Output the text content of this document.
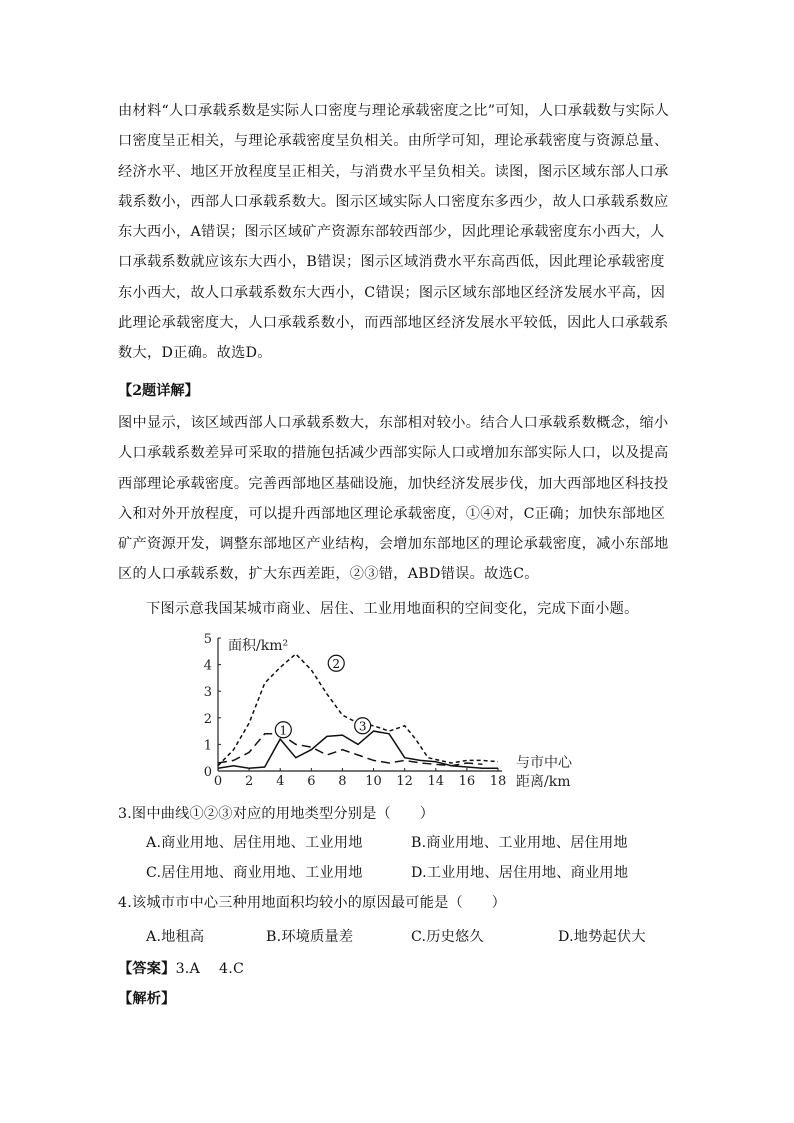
由材料“人口承载系数是实际人口密度与理论承载密度之比”可知，人口承载数与实际人口密度呈正相关，与理论承载密度呈负相关。由所学可知，理论承载密度与资源总量、经济水平、地区开放程度呈正相关，与消费水平呈负相关。读图，图示区域东部人口承载系数小，西部人口承载系数大。图示区域实际人口密度东多西少，故人口承载系数应东大西小，A错误；图示区域矿产资源东部较西部少，因此理论承载密度东小西大，人口承载系数就应该东大西小，B错误；图示区域消费水平东高西低，因此理论承载密度东小西大，故人口承载系数东大西小，C错误；图示区域东部地区经济发展水平高，因此理论承载密度大，人口承载系数小，而西部地区经济发展水平较低，因此人口承载系数大，D正确。故选D。
【2题详解】
图中显示，该区域西部人口承载系数大，东部相对较小。结合人口承载系数概念，缩小人口承载系数差异可采取的措施包括减少西部实际人口或增加东部实际人口，以及提高西部理论承载密度。完善西部地区基础设施，加快经济发展步伐，加大西部地区科技投入和对外开放程度，可以提升西部地区理论承载密度，①④对，C正确；加快东部地区矿产资源开发，调整东部地区产业结构，会增加东部地区的理论承载密度，减小东部地区的人口承载系数，扩大东西差距，②③错，ABD错误。故选C。
下图示意我国某城市商业、居住、工业用地面积的空间变化，完成下面小题。
0 2 4 6 8 10 12 14 16 18
0
1
2
3
4
5 面积/km²
与市中心
距离/km
1
2
3
3.图中曲线①②③对应的用地类型分别是（　　）
A.商业用地、居住用地、工业用地	B.商业用地、工业用地、居住用地
C.居住用地、商业用地、工业用地	D.工业用地、居住用地、商业用地
4.该城市市中心三种用地面积均较小的原因最可能是（　　）
A.地租高	B.环境质量差	C.历史悠久	D.地势起伏大
【答案】3.A　 4.C
【解析】
